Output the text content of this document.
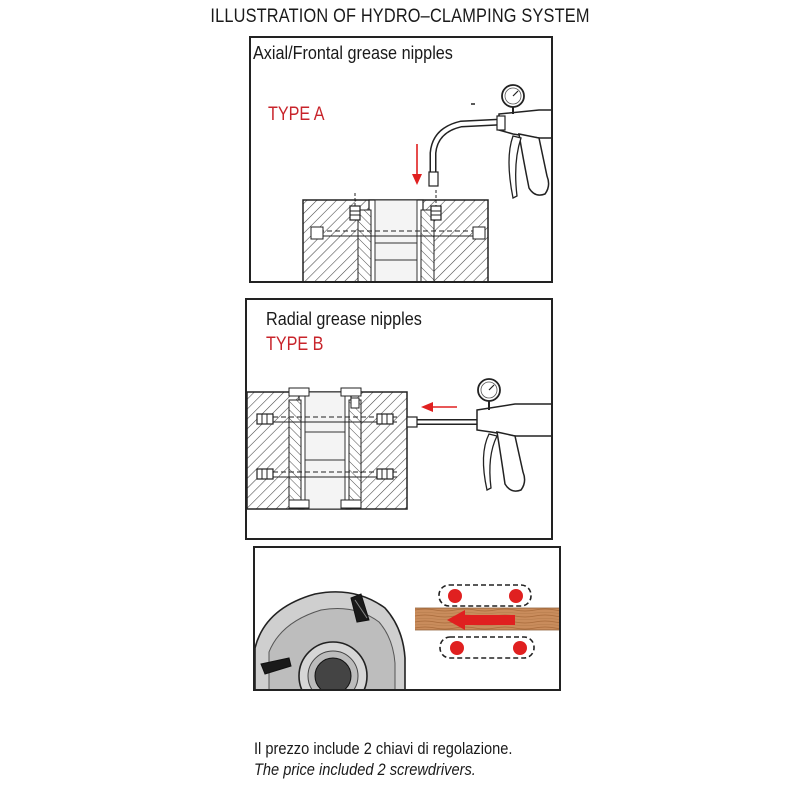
ILLUSTRATION OF HYDRO–CLAMPING SYSTEM
Axial/Frontal grease nipples
TYPE A
Radial grease nipples
TYPE B
Il prezzo include 2 chiavi di regolazione.
The price included 2 screwdrivers.
